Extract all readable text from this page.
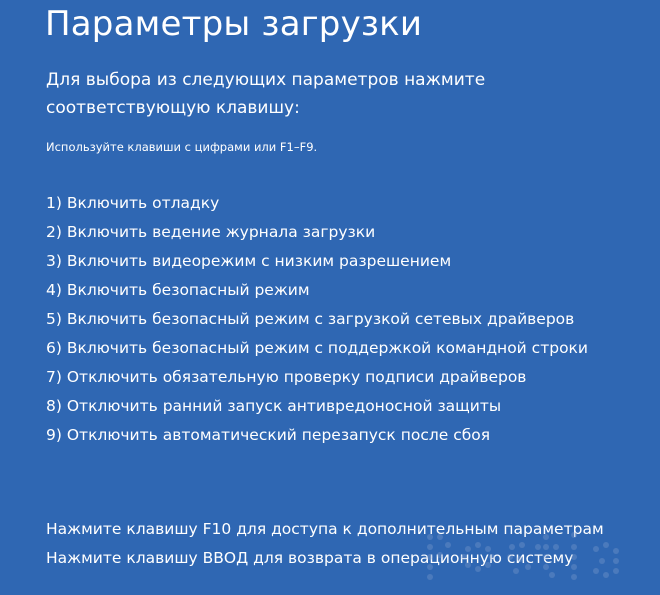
Параметры загрузки
Для выбора из следующих параметров нажмите соответствующую клавишу:
Используйте клавиши с цифрами или F1–F9.
1) Включить отладку
2) Включить ведение журнала загрузки
3) Включить видеорежим с низким разрешением
4) Включить безопасный режим
5) Включить безопасный режим с загрузкой сетевых драйверов
6) Включить безопасный режим с поддержкой командной строки
7) Отключить обязательную проверку подписи драйверов
8) Отключить ранний запуск антивредоносной защиты
9) Отключить автоматический перезапуск после сбоя
Нажмите клавишу F10 для доступа к дополнительным параметрам
Нажмите клавишу ВВОД для возврата в операционную систему
